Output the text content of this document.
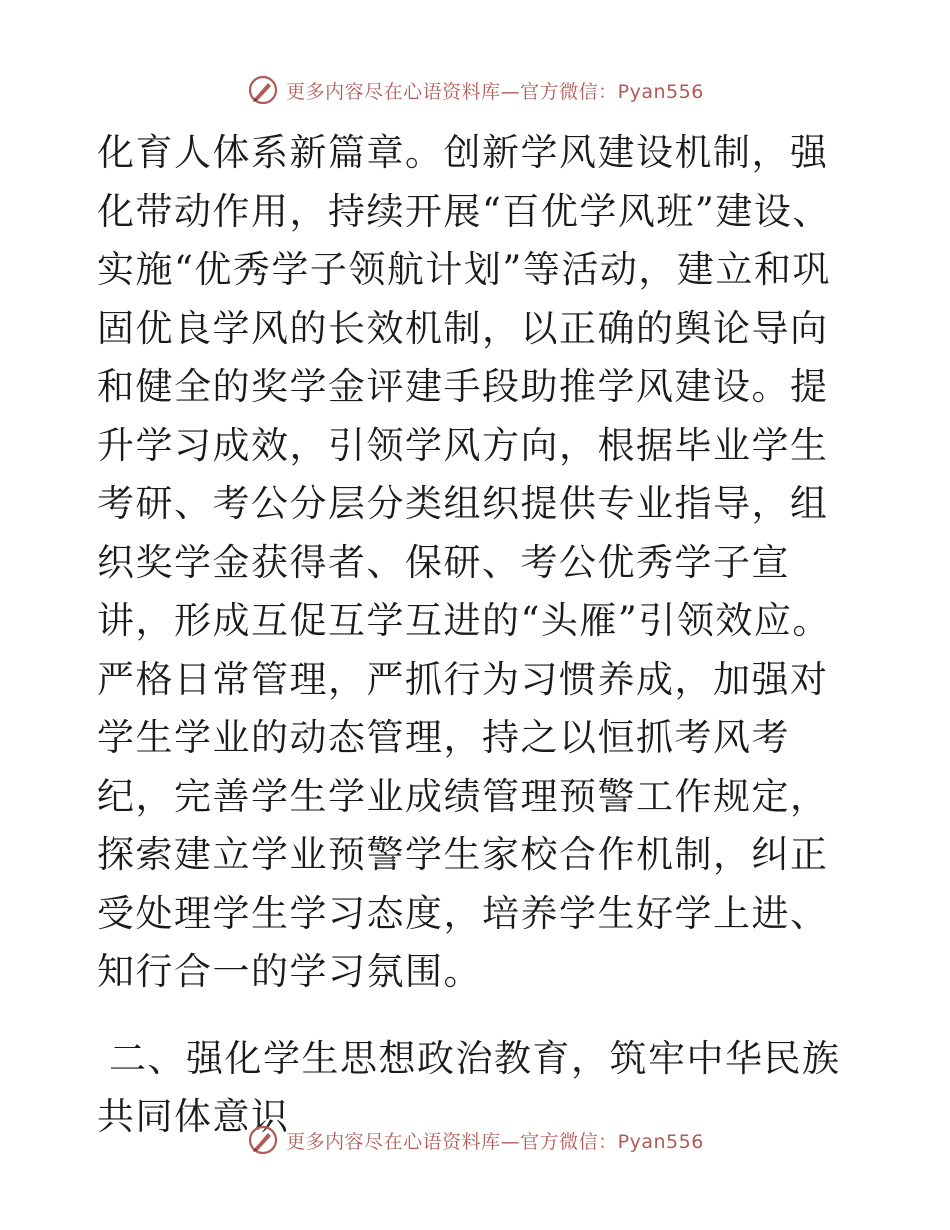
更多内容尽在心语资料库—官方微信：Pyan556

化育人体系新篇章。创新学风建设机制，强化带动作用，持续开展“百优学风班”建设、实施“优秀学子领航计划”等活动，建立和巩固优良学风的长效机制，以正确的舆论导向和健全的奖学金评建手段助推学风建设。提升学习成效，引领学风方向，根据毕业学生考研、考公分层分类组织提供专业指导，组织奖学金获得者、保研、考公优秀学子宣讲，形成互促互学互进的“头雁”引领效应。严格日常管理，严抓行为习惯养成，加强对学生学业的动态管理，持之以恒抓考风考纪，完善学生学业成绩管理预警工作规定，探索建立学业预警学生家校合作机制，纠正受处理学生学习态度，培养学生好学上进、知行合一的学习氛围。

二、强化学生思想政治教育，筑牢中华民族共同体意识

更多内容尽在心语资料库—官方微信：Pyan556
